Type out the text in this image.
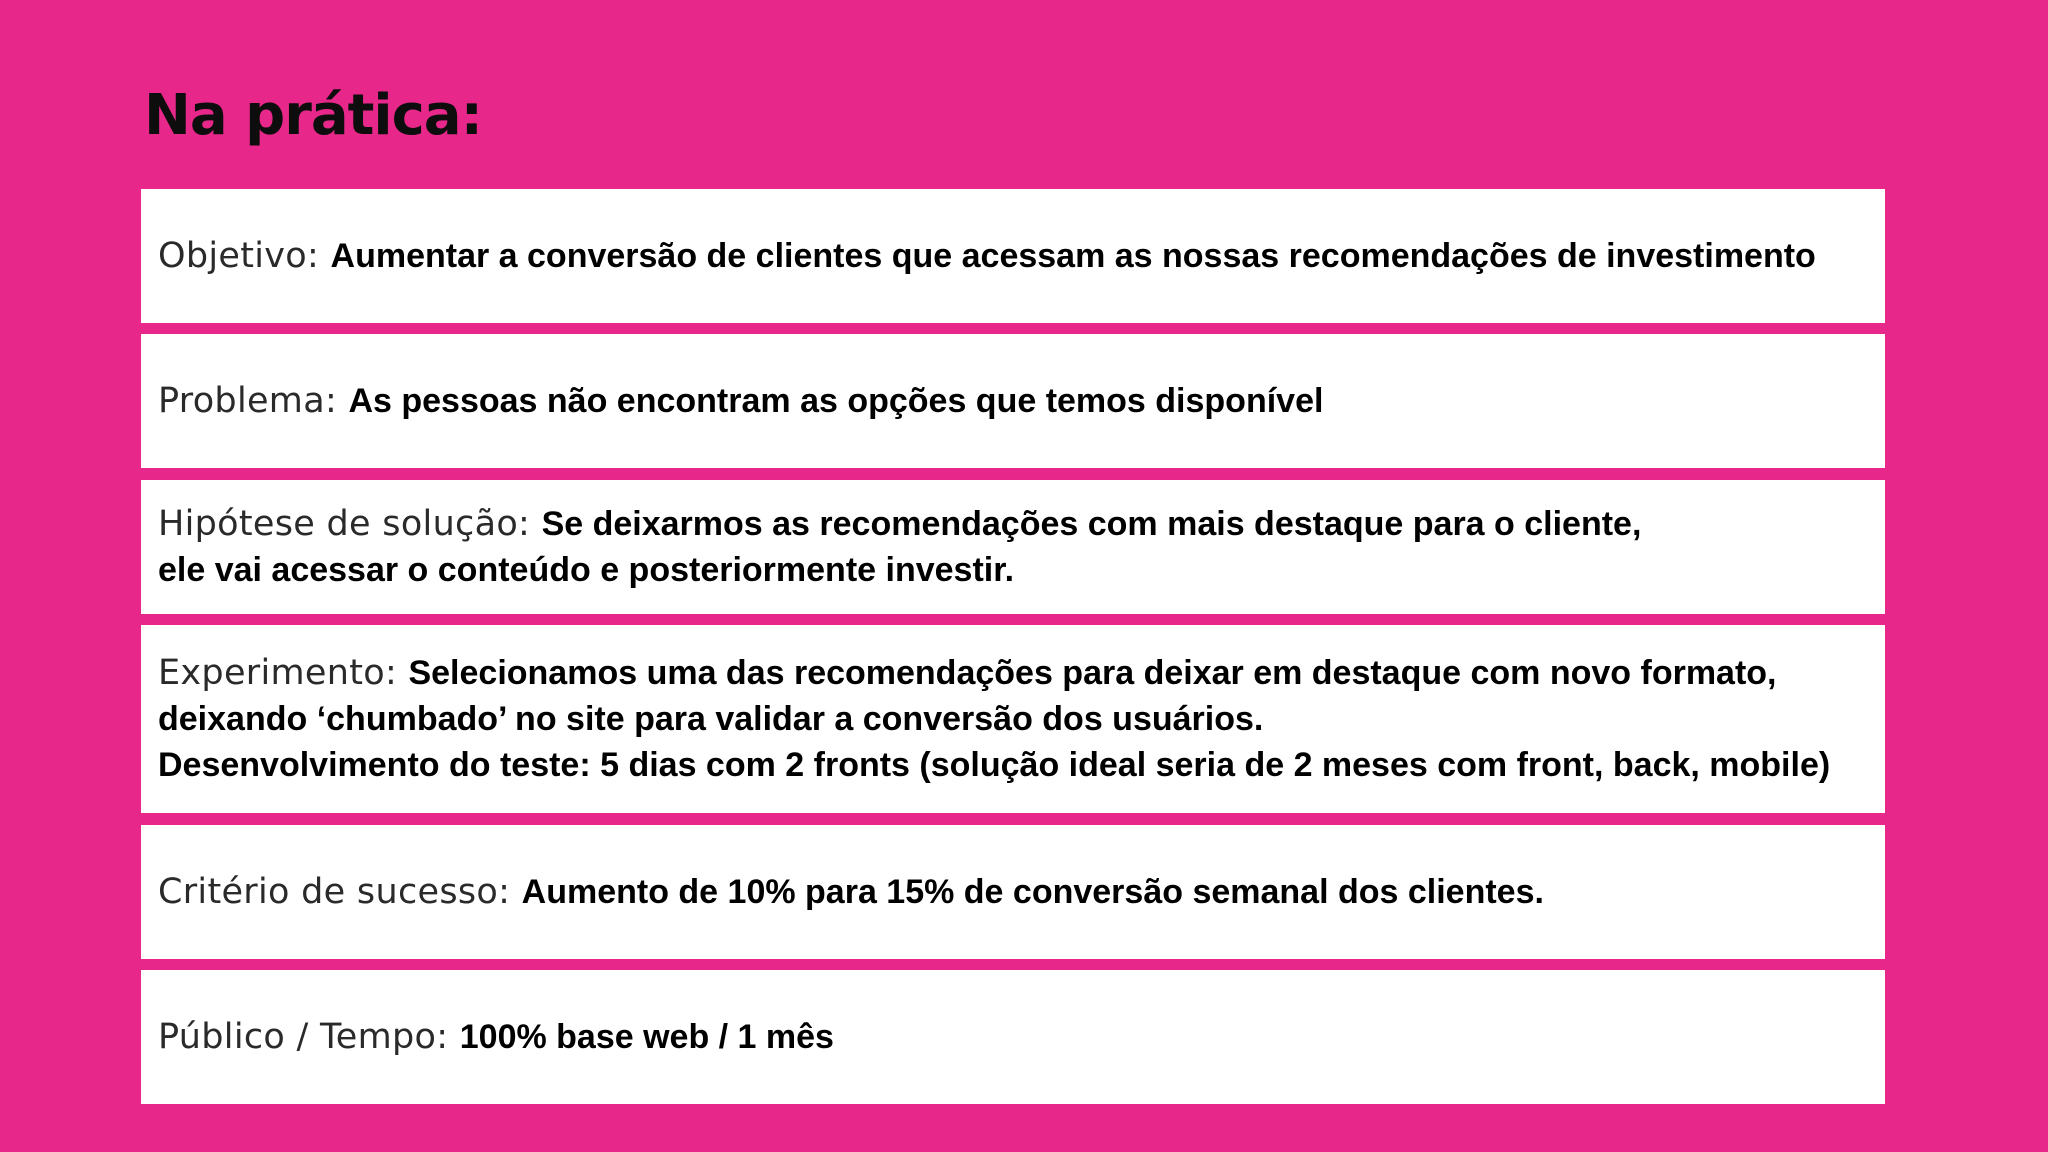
Na prática:
Objetivo: Aumentar a conversão de clientes que acessam as nossas recomendações de investimento
Problema: As pessoas não encontram as opções que temos disponível
Hipótese de solução: Se deixarmos as recomendações com mais destaque para o cliente,
ele vai acessar o conteúdo e posteriormente investir.
Experimento: Selecionamos uma das recomendações para deixar em destaque com novo formato,
deixando ‘chumbado’ no site para validar a conversão dos usuários.
Desenvolvimento do teste: 5 dias com 2 fronts (solução ideal seria de 2 meses com front, back, mobile)
Critério de sucesso: Aumento de 10% para 15% de conversão semanal dos clientes.
Público / Tempo: 100% base web / 1 mês
